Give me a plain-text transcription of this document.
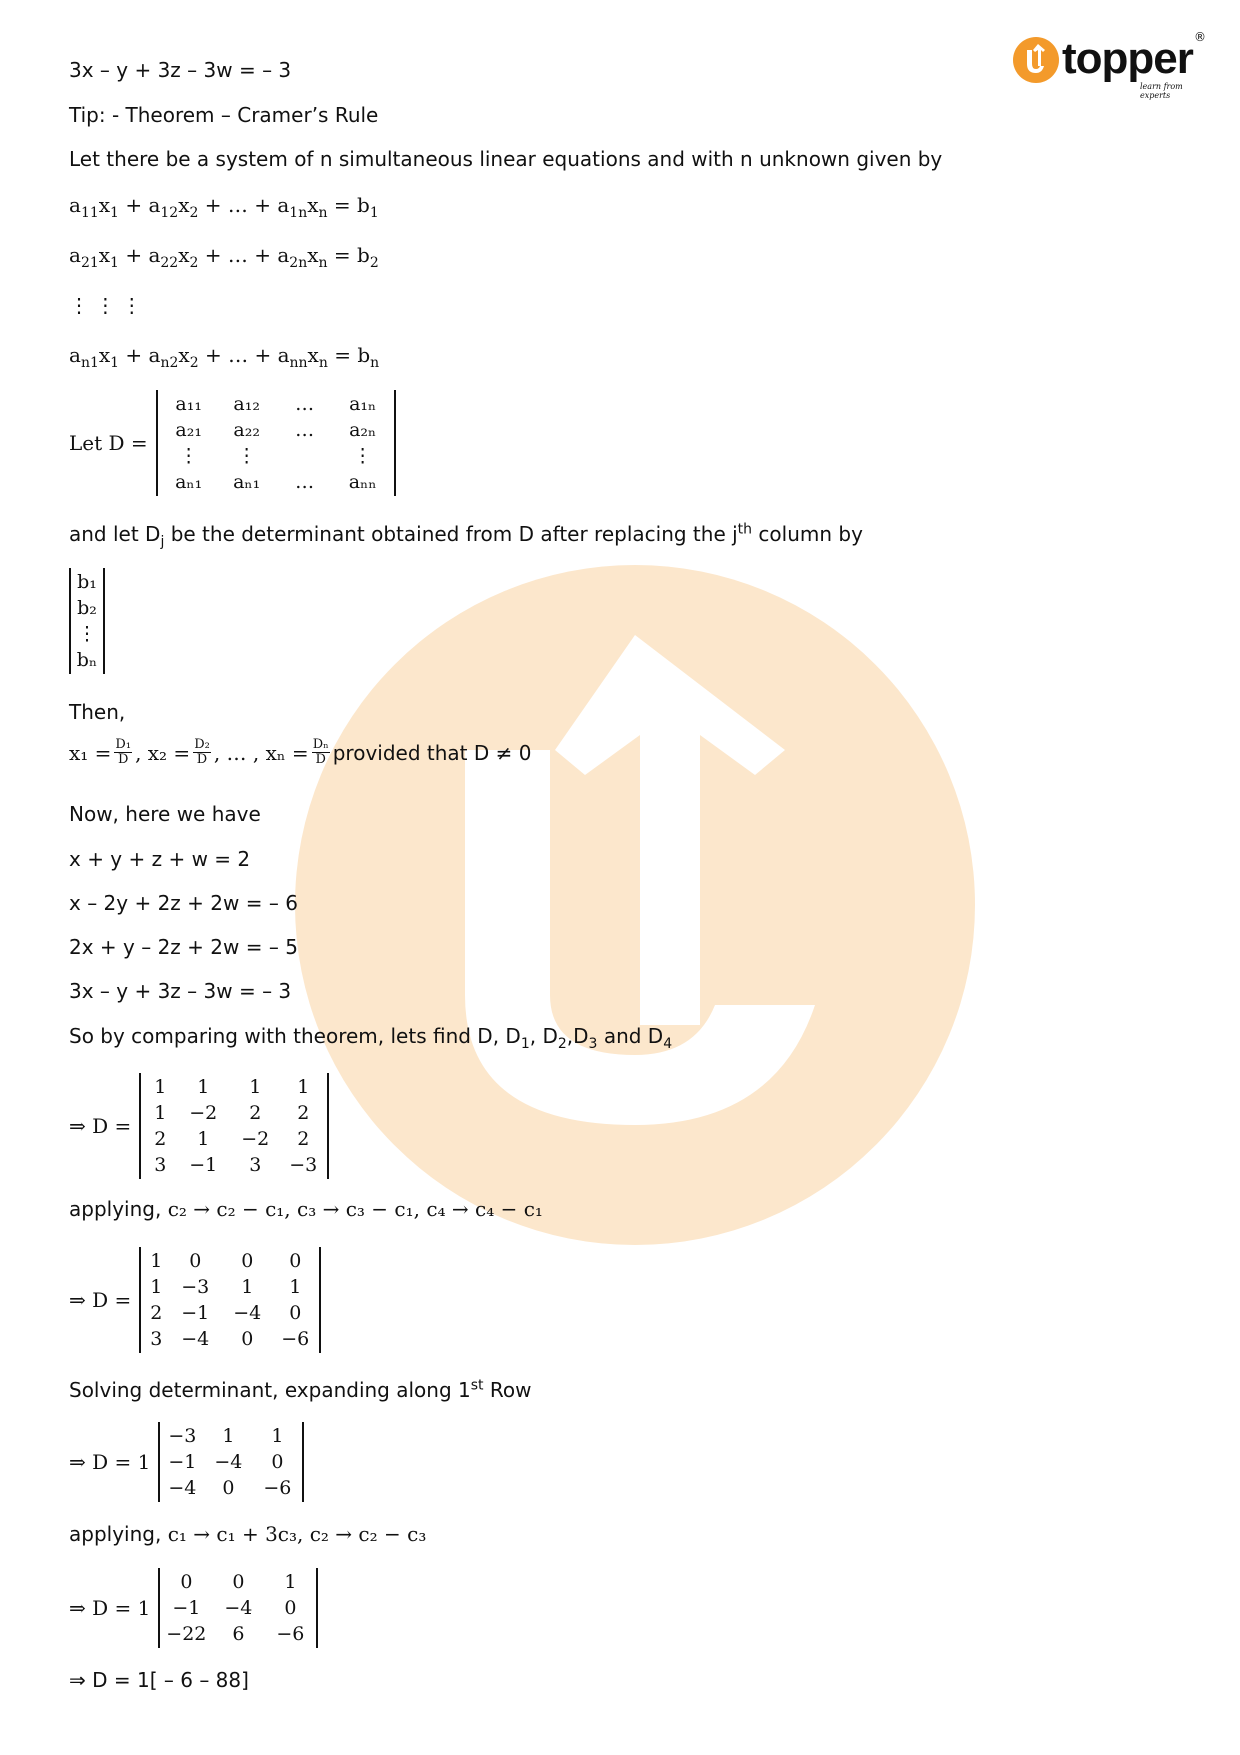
topper ®
learn from experts
3x – y + 3z – 3w = – 3
Tip: - Theorem – Cramer’s Rule
Let there be a system of n simultaneous linear equations and with n unknown given by
$a_{11}x_1 + a_{12}x_2$ + … + $a_{1n}x_n = b_1$
$a_{21}x_1 + a_{22}x_2$ + … + $a_{2n}x_n = b_2$
⋮ ⋮ ⋮
$a_{n1}x_1 + a_{n2}x_2$ + … + $a_{nn}x_n = b_n$
Let D =
a₁₁	a₁₂	…	a₁ₙ
a₂₁	a₂₂	…	a₂ₙ
⋮	⋮	⋮
aₙ₁	aₙ₁	…	aₙₙ
and let $D_j$ be the determinant obtained from D after replacing the $j^{th}$ column by
b₁
b₂
⋮
bₙ
Then,
$x_1 = \frac{\text{D₁}}{D}$ , $x_2 = \frac{\text{D₂}}{D}$ , … , $x_n = \frac{\text{Dₙ}}{D}$ provided that D ≠ 0
Now, here we have
x + y + z + w = 2
x – 2y + 2z + 2w = – 6
2x + y – 2z + 2w = – 5
3x – y + 3z – 3w = – 3
So by comparing with theorem, lets find D, $D_1$, $D_2,D_3$ and $D_4$
⇒ D =
1	1	1	1
1	−2	2	2
2	1	−2	2
3	−1	3	−3
applying, c₂ → c₂ − c₁, c₃ → c₃ − c₁, c₄ → c₄ − c₁
⇒ D =
1	0	0	0
1 −3	1	1
2 −1	−4	0
3 −4	0	−6
Solving determinant, expanding along 1st Row
⇒ D = 1
−3	1	1
−1 −4	0
−4	0	−6
applying, c₁ → c₁ + 3c₃, c₂ → c₂ − c₃
⇒ D = 1
0	0	1
−1	−4	0
−22	6	−6
⇒ D = 1[ – 6 – 88]
